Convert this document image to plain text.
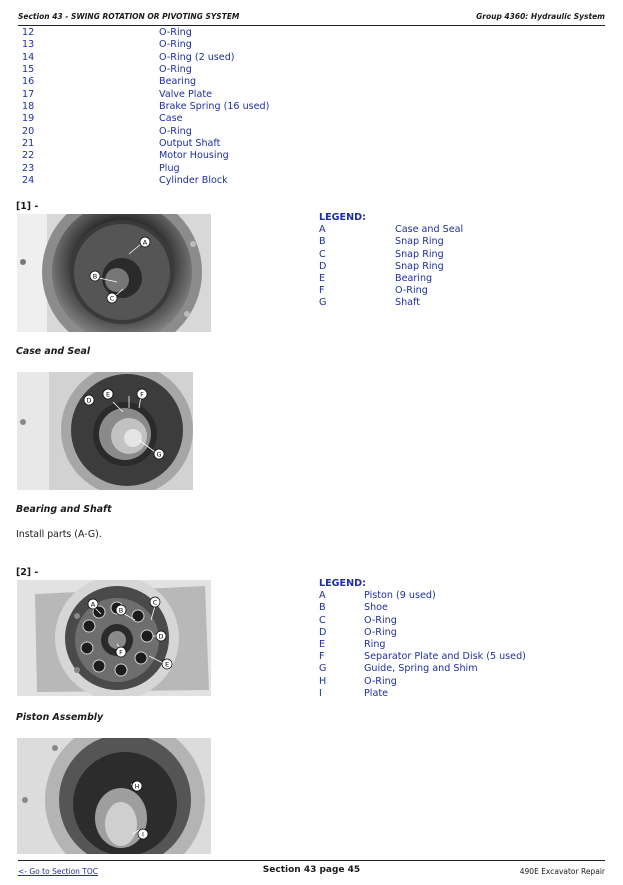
Section 43 - SWING ROTATION OR PIVOTING SYSTEM	Group 4360: Hydraulic System
12	O-Ring
13	O-Ring
14	O-Ring (2 used)
15	O-Ring
16	Bearing
17	Valve Plate
18	Brake Spring (16 used)
19	Case
20	O-Ring
21	Output Shaft
22	Motor Housing
23	Plug
24	Cylinder Block
[1] -
A
B
C
LEGEND:
A	Case and Seal
B	Snap Ring
C	Snap Ring
D	Snap Ring
E	Bearing
F	O-Ring
G	Shaft
Case and Seal
D
E	F
G
Bearing and Shaft
Install parts (A-G).
[2] -
A
B
C
D
E
F
LEGEND:
A	Piston (9 used)
B	Shoe
C	O-Ring
D	O-Ring
E	Ring
F	Separator Plate and Disk (5 used)
G	Guide, Spring and Shim
H	O-Ring
I	Plate
Piston Assembly
H
I
<- Go to Section TOC	Section 43 page 45	490E Excavator Repair
